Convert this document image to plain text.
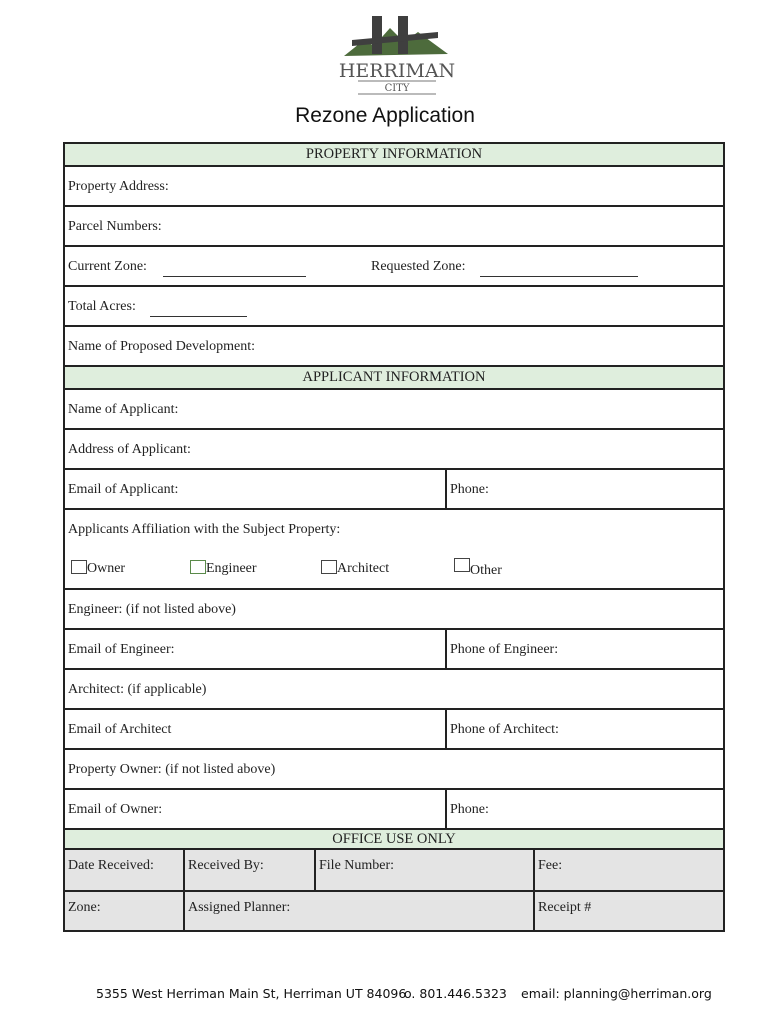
HERRIMAN
CITY
Rezone Application
PROPERTY INFORMATION
Property Address:
Parcel Numbers:
Current Zone:	Requested Zone:
Total Acres:
Name of Proposed Development:
APPLICANT INFORMATION
Name of Applicant:
Address of Applicant:
Email of Applicant:	Phone:
Applicants Affiliation with the Subject Property:
Owner	Engineer	Architect	Other
Engineer: (if not listed above)
Email of Engineer:	Phone of Engineer:
Architect: (if applicable)
Email of Architect	Phone of Architect:
Property Owner: (if not listed above)
Email of Owner:	Phone:
OFFICE USE ONLY
Date Received: Received By:	File Number:	Fee:
Zone:	Assigned Planner:	Receipt #
5355 West Herriman Main St, Herriman UT 84096
o. 801.446.5323 email: planning@herriman.org
